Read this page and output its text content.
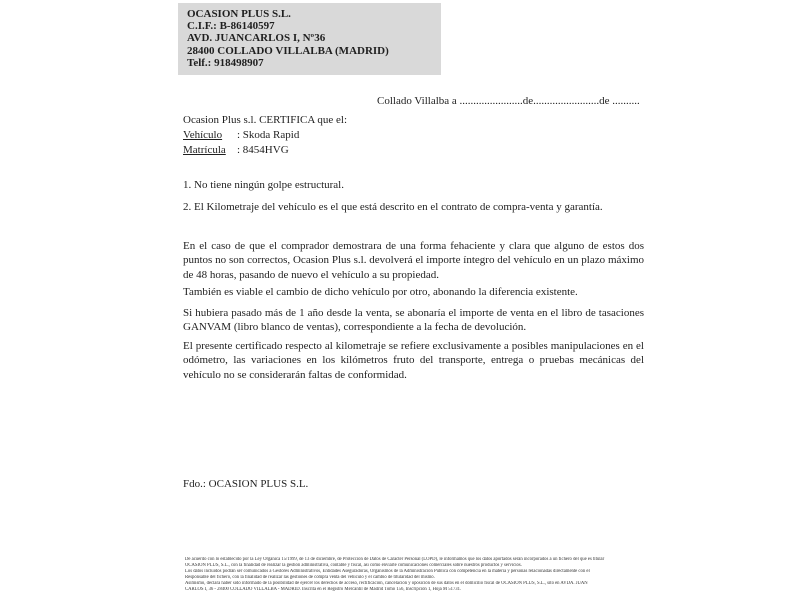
OCASION PLUS S.L.
C.I.F.: B-86140597
AVD. JUANCARLOS I, Nº36
28400 COLLADO VILLALBA (MADRID)
Telf.: 918498907
Collado Villalba a .......................de........................de ..........
Ocasion Plus s.l. CERTIFICA que el:
Vehículo : Skoda Rapid
Matrícula : 8454HVG
1. No tiene ningún golpe estructural.
2. El Kilometraje del vehículo es el que está descrito en el contrato de compra-venta y garantía.
En el caso de que el comprador demostrara de una forma fehaciente y clara que alguno de estos dos puntos no son correctos, Ocasion Plus s.l. devolverá el importe íntegro del vehículo en un plazo máximo de 48 horas, pasando de nuevo el vehículo a su propiedad.
También es viable el cambio de dicho vehículo por otro, abonando la diferencia existente.
Si hubiera pasado más de 1 año desde la venta, se abonaría el importe de venta en el libro de tasaciones GANVAM (libro blanco de ventas), correspondiente a la fecha de devolución.
El presente certificado respecto al kilometraje se refiere exclusivamente a posibles manipulaciones en el odómetro, las variaciones en los kilómetros fruto del transporte, entrega o pruebas mecánicas del vehículo no se considerarán faltas de conformidad.
Fdo.: OCASION PLUS S.L.
De acuerdo con lo establecido por la Ley Orgánica 15/1999, de 13 de diciembre, de Protección de Datos de Carácter Personal (LOPD), le informamos que los datos aportados serán incorporados a un fichero del que es titular
OCASION PLUS, S.L., con la finalidad de realizar la gestión administrativa, contable y fiscal, así como enviarle comunicaciones comerciales sobre nuestros productos y servicios.
Los datos incluidos podrán ser comunicados a Gestores Administrativos, Entidades Aseguradoras, Organismos de la Administración Pública con competencia en la materia y personas relacionadas directamente con el
Responsable del fichero, con la finalidad de realizar las gestiones de compra venta del vehículo y el cambio de titularidad del mismo.
Asimismo, declara haber sido informado de la posibilidad de ejercer los derechos de acceso, rectificación, cancelación y oposición de sus datos en el domicilio fiscal de OCASION PLUS, S.L., sito en AVDA. JUAN
CARLOS I, 36 - 28400 COLLADO VILLALBA - MADRID. Inscrita en el Registro Mercantil de Madrid Tomo 156, Inscripción 1, Hoja M 51731.
